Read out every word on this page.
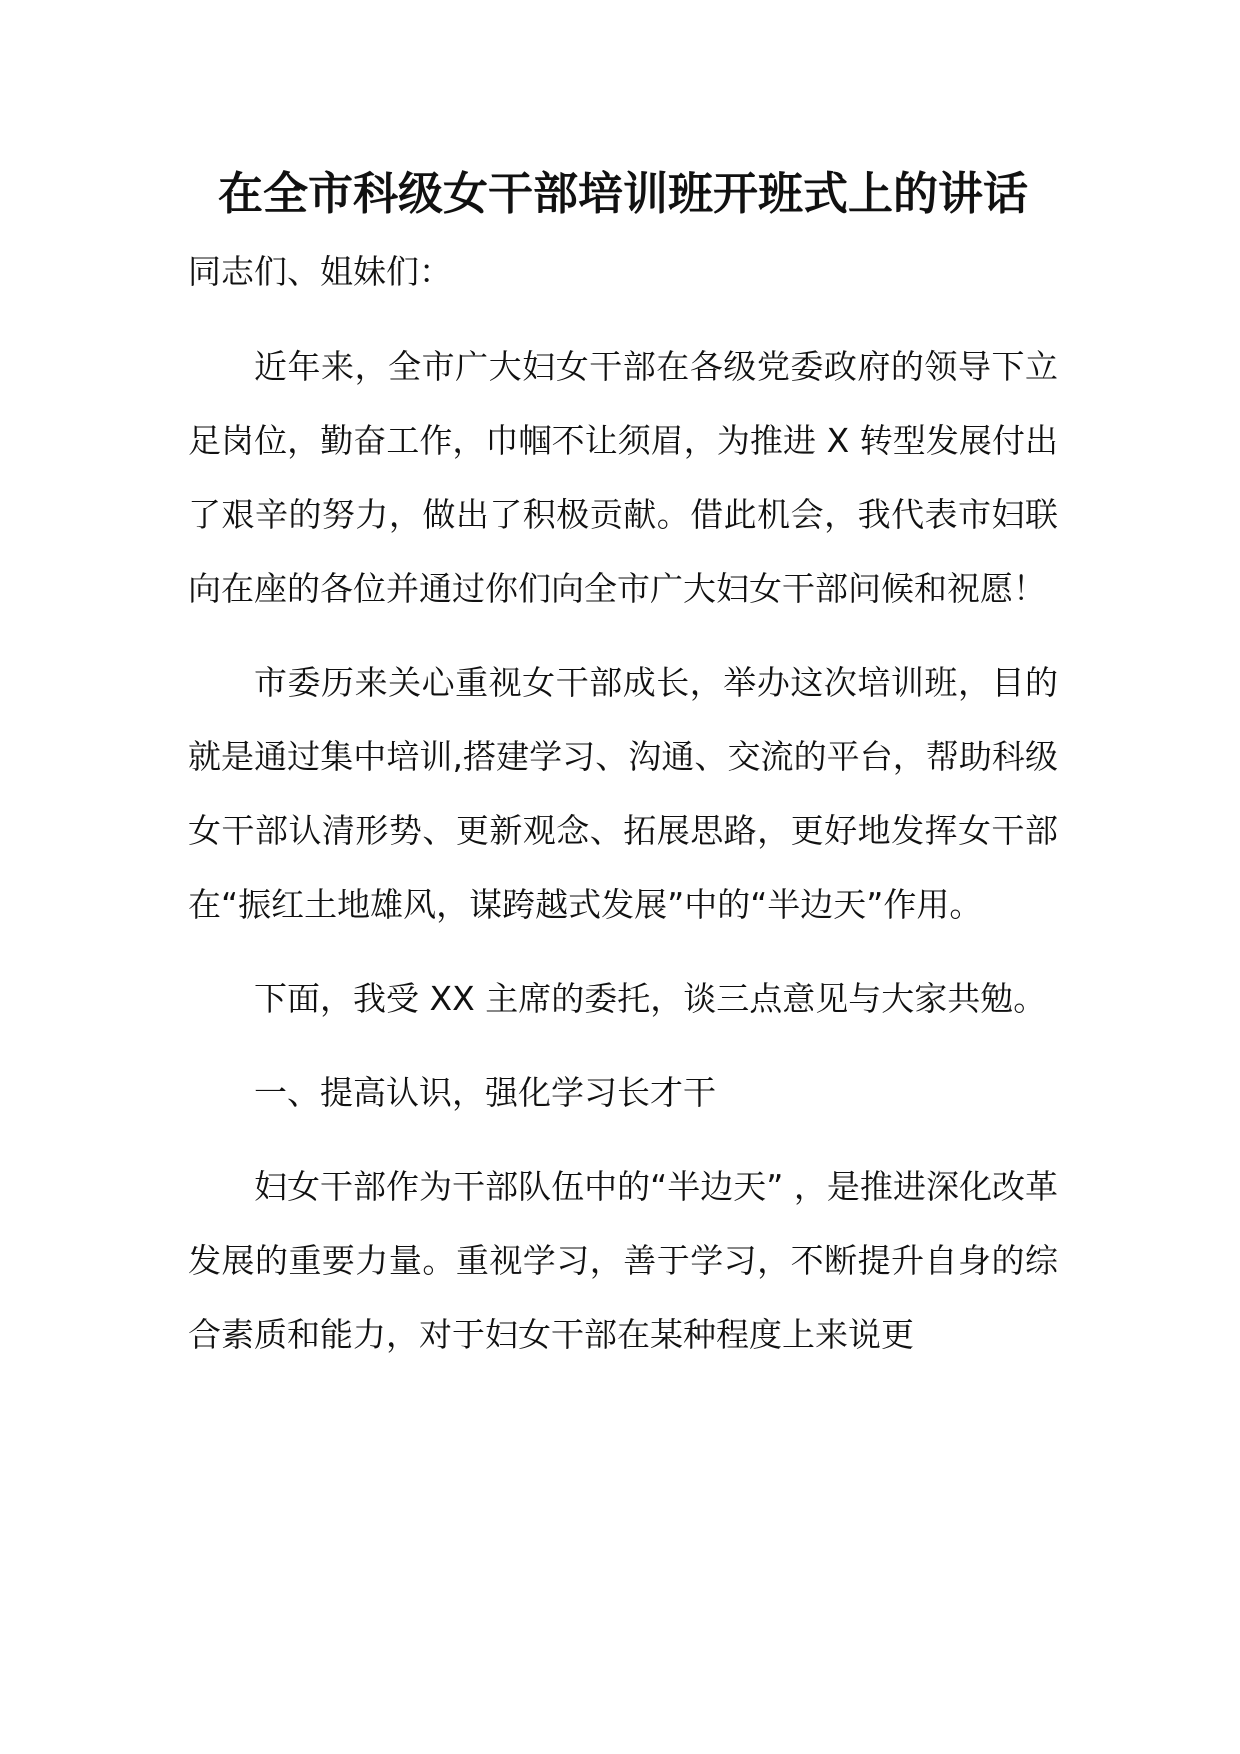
在全市科级女干部培训班开班式上的讲话

同志们、姐妹们：

近年来，全市广大妇女干部在各级党委政府的领导下立足岗位，勤奋工作，巾帼不让须眉，为推进 X 转型发展付出了艰辛的努力，做出了积极贡献。借此机会，我代表市妇联向在座的各位并通过你们向全市广大妇女干部问候和祝愿！

市委历来关心重视女干部成长，举办这次培训班，目的就是通过集中培训,搭建学习、沟通、交流的平台，帮助科级女干部认清形势、更新观念、拓展思路，更好地发挥女干部在“振红土地雄风，谋跨越式发展”中的“半边天”作用。

下面，我受 XX 主席的委托，谈三点意见与大家共勉。

一、提高认识，强化学习长才干

妇女干部作为干部队伍中的“半边天” ，是推进深化改革发展的重要力量。重视学习，善于学习，不断提升自身的综合素质和能力，对于妇女干部在某种程度上来说更
